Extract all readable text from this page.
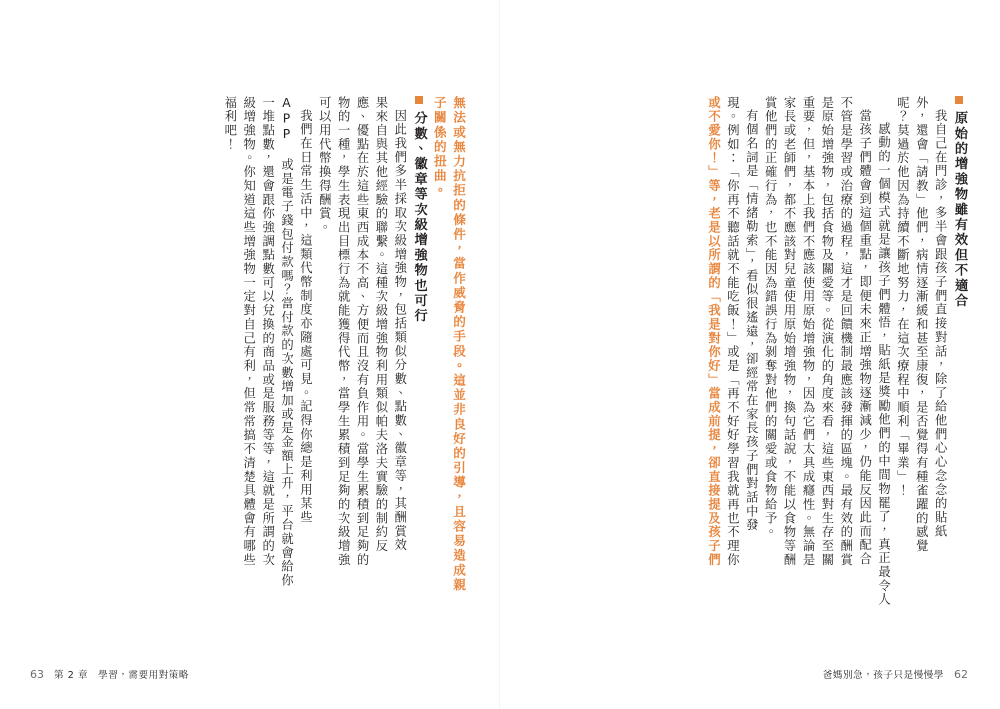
原始的增強物雖有效但不適合
我自己在門診，多半會跟孩子們直接對話，除了給他們心心念念的貼紙
外，還會「請教」他們，病情逐漸緩和甚至康復，是否覺得有種雀躍的感覺
呢？莫過於他因為持續不斷地努力，在這次療程中順利「畢業」！
感動的一個模式就是讓孩子們體悟，貼紙是獎勵他們的中間物罷了，真正最令人
當孩子們體會到這個重點，即便未來正增強物逐漸減少，仍能反因此而配合
不管是學習或治療的過程，這才是回饋機制最應該發揮的區塊。最有效的酬賞
是原始增強物，包括食物及關愛等。從演化的角度來看，這些東西對生存至關
重要，但，基本上我們不應該使用原始增強物，因為它們太具成癮性。無論是
家長或老師們，都不應該對兒童使用原始增強物，換句話說，不能以食物等酬
賞他們的正確行為，也不能因為錯誤行為剝奪對他們的關愛或食物給予。
有個名詞是「情緒勒索」，看似很遙遠，卻經常在家長孩子們對話中發
現。例如：「你再不聽話就不能吃飯！」或是「再不好好學習我就再也不理你
或不愛你！」等，老是以所謂的「我是對你好」當成前提，卻直接提及孩子們
爸媽別急，孩子只是慢慢學 62
無法或無力抗拒的條件，當作威脅的手段。這並非良好的引導，且容易造成親
子關係的扭曲。
分數、徽章等次級增強物也可行
因此我們多半採取次級增強物，包括類似分數、點數、徽章等，其酬賞效
果來自與其他經驗的聯繫。這種次級增強物利用類似帕夫洛夫實驗的制約反
應、優點在於這些東西成本不高、方便而且沒有負作用。當學生累積到足夠的
物的一種，學生表現出目標行為就能獲得代幣，當學生累積到足夠的次級增強
可以用代幣換得酬賞。
我們在日常生活中，這類代幣制度亦隨處可見。記得你總是利用某些
APP 或是電子錢包付款嗎？當付款的次數增加或是金額上升，平台就會給你
一堆點數，還會跟你強調點數可以兌換的商品或是服務等等，這就是所謂的次
級增強物。你知道這些增強物一定對自己有利，但常常搞不清楚具體會有哪些
福利吧！
63 第 2 章 學習，需要用對策略
